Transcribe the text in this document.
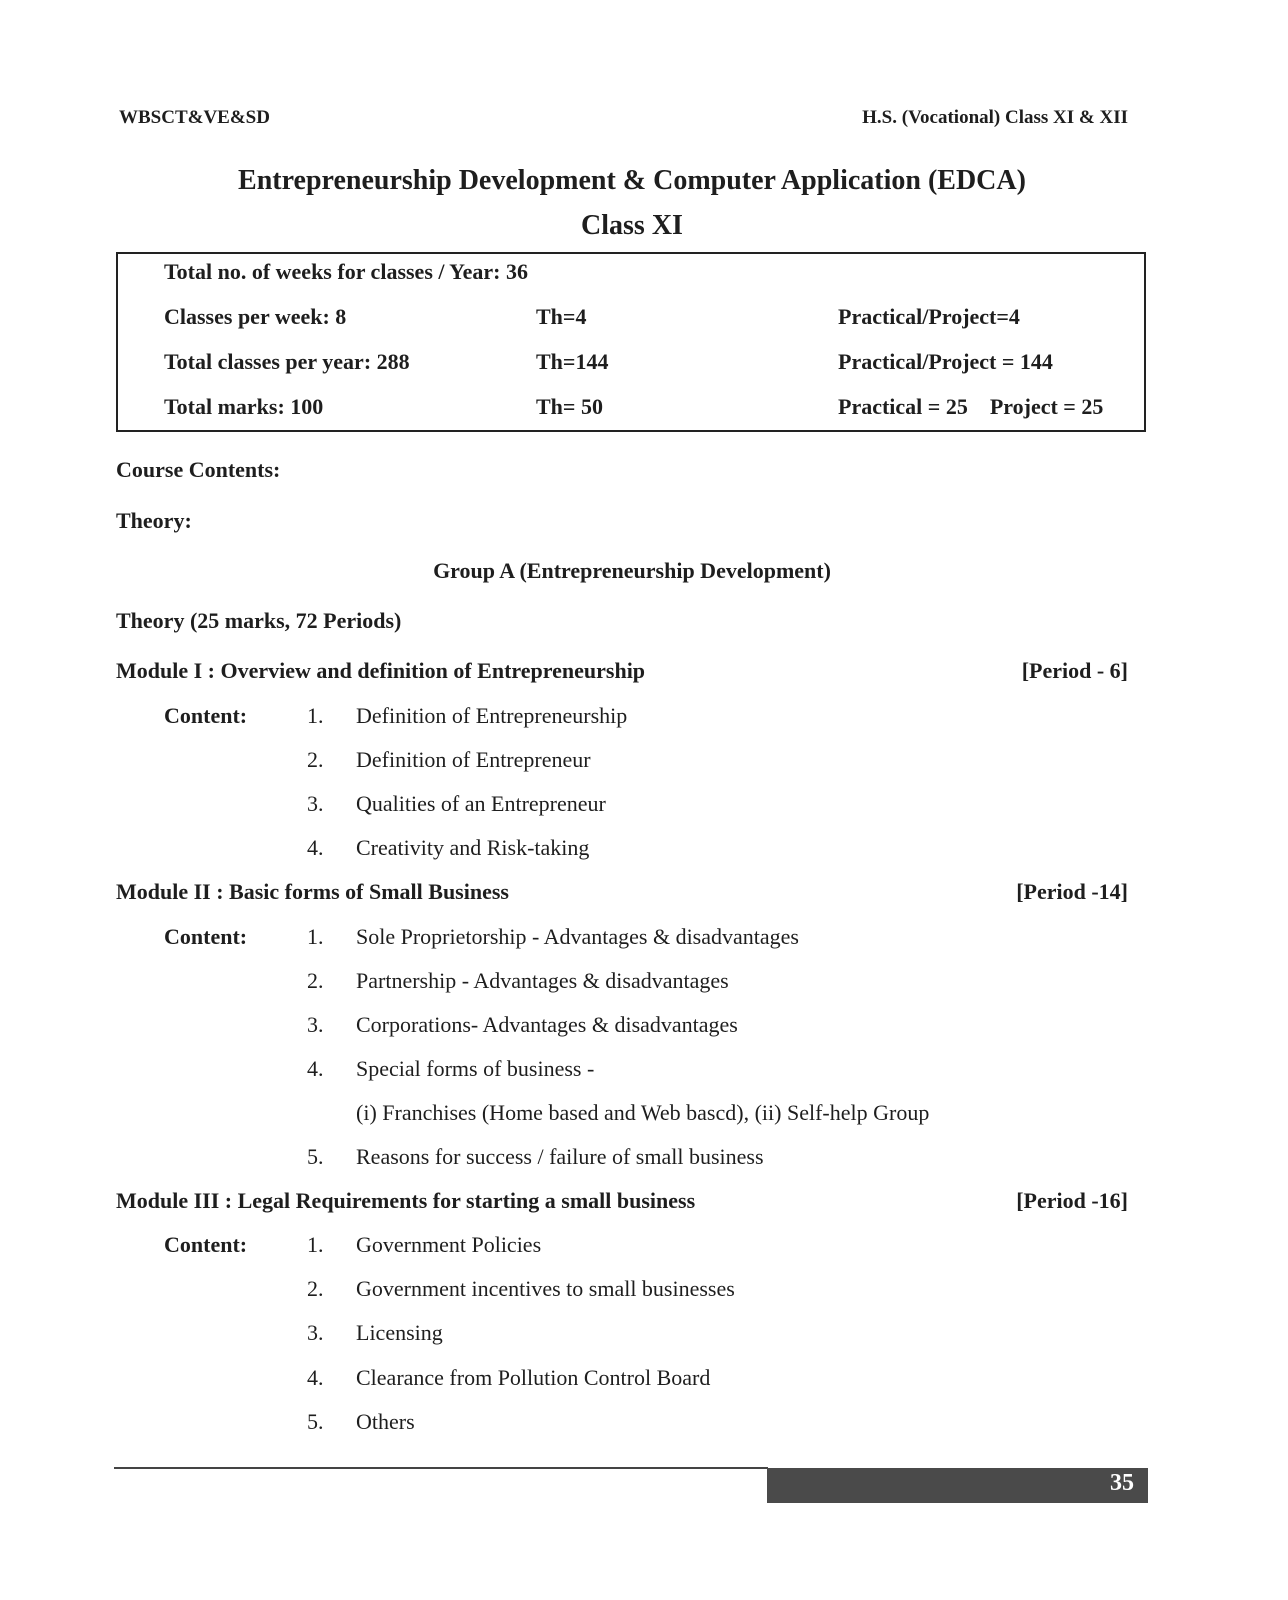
WBSCT&VE&SD	H.S. (Vocational) Class XI & XII
Entrepreneurship Development & Computer Application (EDCA)
Class XI
Total no. of weeks for classes / Year: 36
Classes per week: 8	Th=4	Practical/Project=4
Total classes per year: 288	Th=144	Practical/Project = 144
Total marks: 100	Th= 50	Practical = 25    Project = 25
Course Contents:
Theory:
Group A (Entrepreneurship Development)
Theory (25 marks, 72 Periods)
Module I : Overview and definition of Entrepreneurship	[Period - 6]
Content:	1. Definition of Entrepreneurship
2. Definition of Entrepreneur
3. Qualities of an Entrepreneur
4. Creativity and Risk-taking
Module II : Basic forms of Small Business	[Period -14]
Content:	1. Sole Proprietorship - Advantages & disadvantages
2. Partnership - Advantages & disadvantages
3. Corporations- Advantages & disadvantages
4. Special forms of business -
(i) Franchises (Home based and Web bascd), (ii) Self-help Group
5. Reasons for success / failure of small business
Module III : Legal Requirements for starting a small business	[Period -16]
Content:	1. Government Policies
2. Government incentives to small businesses
3. Licensing
4. Clearance from Pollution Control Board
5. Others
35
